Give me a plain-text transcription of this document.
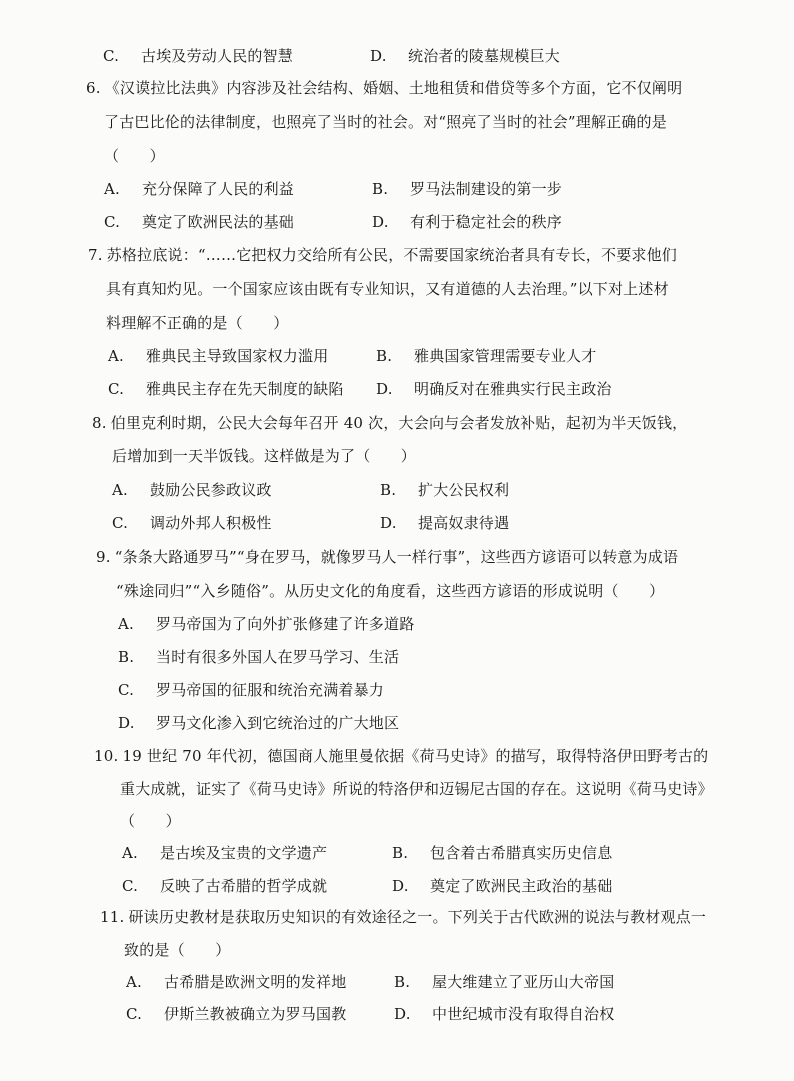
C. 古埃及劳动人民的智慧	D. 统治者的陵墓规模巨大
6. 《汉谟拉比法典》内容涉及社会结构、婚姻、土地租赁和借贷等多个方面，它不仅阐明
了古巴比伦的法律制度，也照亮了当时的社会。对“照亮了当时的社会”理解正确的是
（　　）
A. 充分保障了人民的利益	B. 罗马法制建设的第一步
C. 奠定了欧洲民法的基础	D. 有利于稳定社会的秩序
7. 苏格拉底说：“……它把权力交给所有公民，不需要国家统治者具有专长，不要求他们
具有真知灼见。一个国家应该由既有专业知识，又有道德的人去治理。”以下对上述材
料理解不正确的是（　　）
A. 雅典民主导致国家权力滥用	B. 雅典国家管理需要专业人才
C. 雅典民主存在先天制度的缺陷 D. 明确反对在雅典实行民主政治
8. 伯里克利时期，公民大会每年召开 40 次，大会向与会者发放补贴，起初为半天饭钱，
后增加到一天半饭钱。这样做是为了（　　）
A. 鼓励公民参政议政	B. 扩大公民权利
C. 调动外邦人积极性	D. 提高奴隶待遇
9. “条条大路通罗马”“身在罗马，就像罗马人一样行事”，这些西方谚语可以转意为成语
“殊途同归”“入乡随俗”。从历史文化的角度看，这些西方谚语的形成说明（　　）
A. 罗马帝国为了向外扩张修建了许多道路
B. 当时有很多外国人在罗马学习、生活
C. 罗马帝国的征服和统治充满着暴力
D. 罗马文化渗入到它统治过的广大地区
10. 19 世纪 70 年代初，德国商人施里曼依据《荷马史诗》的描写，取得特洛伊田野考古的
重大成就，证实了《荷马史诗》所说的特洛伊和迈锡尼古国的存在。这说明《荷马史诗》
（　　）
A. 是古埃及宝贵的文学遗产	B. 包含着古希腊真实历史信息
C. 反映了古希腊的哲学成就	D. 奠定了欧洲民主政治的基础
11. 研读历史教材是获取历史知识的有效途径之一。下列关于古代欧洲的说法与教材观点一
致的是（　　）
A. 古希腊是欧洲文明的发祥地	B. 屋大维建立了亚历山大帝国
C. 伊斯兰教被确立为罗马国教	D. 中世纪城市没有取得自治权
